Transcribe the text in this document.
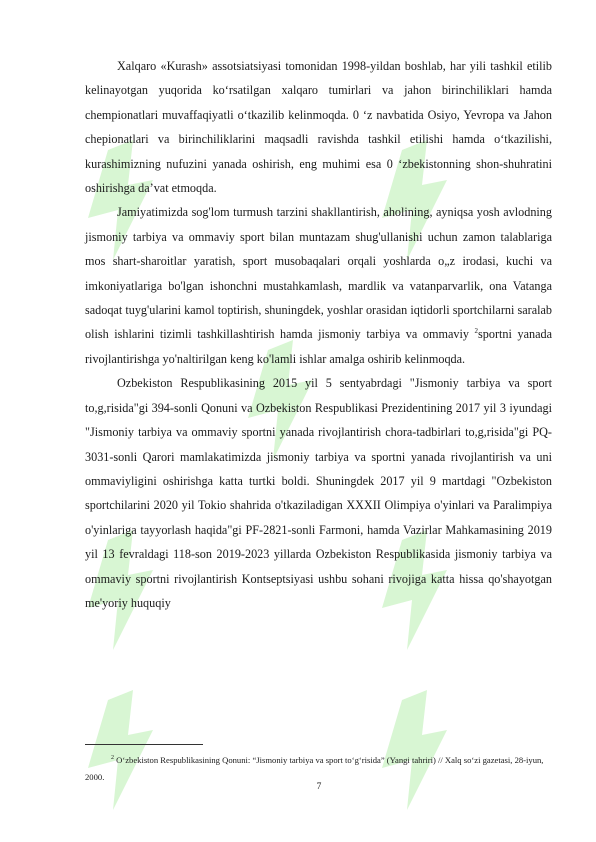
Xalqaro «Kurash» assotsiatsiyasi tomonidan 1998-yildan boshlab, har yili tashkil etilib kelinayotgan yuqorida ko‘rsatilgan xalqaro tumirlari va jahon birinchiliklari hamda chempionatlari muvaffaqiyatli o‘tkazilib kelinmoqda. 0 ‘z navbatida Osiyo, Yevropa va Jahon chepionatlari va birinchiliklarini maqsadli ravishda tashkil etilishi hamda o‘tkazilishi, kurashimizning nufuzini yanada oshirish, eng muhimi esa 0 ‘zbekistonning shon-shuhratini oshirishga da’vat etmoqda.

Jamiyatimizda sog'lom turmush tarzini shakllantirish, aholining, ayniqsa yosh avlodning jismoniy tarbiya va ommaviy sport bilan muntazam shug'ullanishi uchun zamon talablariga mos shart-sharoitlar yaratish, sport musobaqalari orqali yoshlarda o„z irodasi, kuchi va imkoniyatlariga bo'lgan ishonchni mustahkamlash, mardlik va vatanparvarlik, ona Vatanga sadoqat tuyg'ularini kamol toptirish, shuningdek, yoshlar orasidan iqtidorli sportchilarni saralab olish ishlarini tizimli tashkillashtirish hamda jismoniy tarbiya va ommaviy $^2$sportni yanada rivojlantirishga yo'naltirilgan keng ko'lamli ishlar amalga oshirib kelinmoqda.

Ozbekiston Respublikasining 2015 yil 5 sentyabrdagi "Jismoniy tarbiya va sport to,g,risida"gi 394-sonli Qonuni va Ozbekiston Respublikasi Prezidentining 2017 yil 3 iyundagi "Jismoniy tarbiya va ommaviy sportni yanada rivojlantirish chora-tadbirlari to,g,risida"gi PQ-3031-sonli Qarori mamlakatimizda jismoniy tarbiya va sportni yanada rivojlantirish va uni ommaviyligini oshirishga katta turtki boldi. Shuningdek 2017 yil 9 martdagi "Ozbekiston sportchilarini 2020 yil Tokio shahrida o'tkaziladigan XXXII Olimpiya o'yinlari va Paralimpiya o'yinlariga tayyorlash haqida"gi PF-2821-sonli Farmoni, hamda Vazirlar Mahkamasining 2019 yil 13 fevraldagi 118-son 2019-2023 yillarda Ozbekiston Respublikasida jismoniy tarbiya va ommaviy sportni rivojlantirish Kontseptsiyasi ushbu sohani rivojiga katta hissa qo'shayotgan me'yoriy huquqiy

$^2$ O‘zbekiston Respublikasining Qonuni: “Jismoniy tarbiya va sport to‘g‘risida” (Yangi tahriri) // Xalq so‘zi gazetasi, 28-iyun, 2000.

7
